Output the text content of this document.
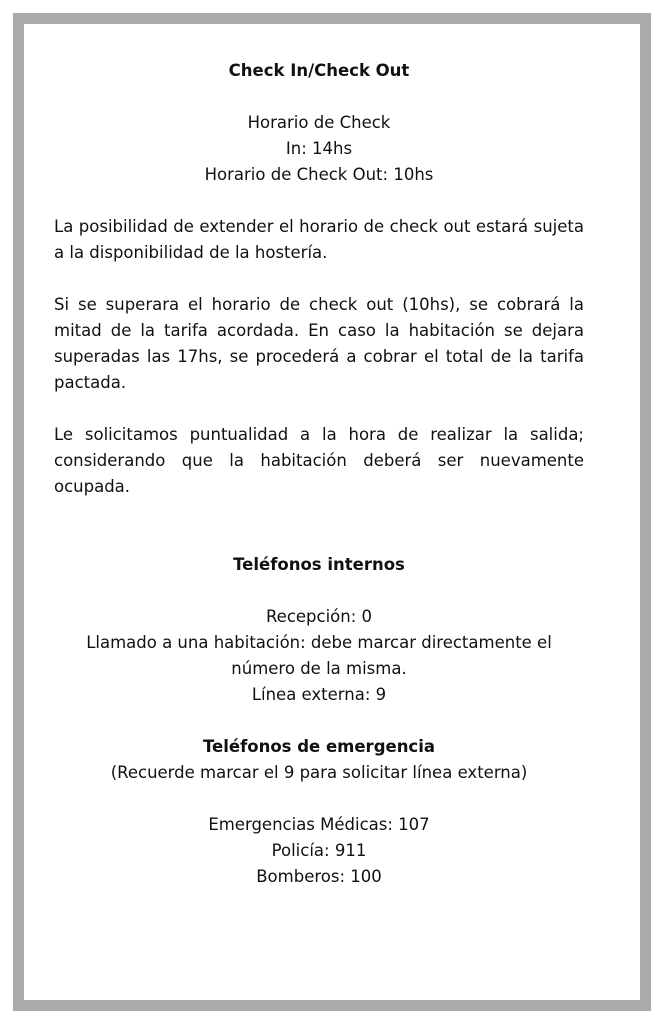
Check In/Check Out

Horario de Check

In: 14hs

Horario de Check Out: 10hs

La posibilidad de extender el horario de check out estará sujeta a la disponibilidad de la hostería.

Si se superara el horario de check out (10hs), se cobrará la mitad de la tarifa acordada. En caso la habitación se dejara superadas las 17hs, se procederá a cobrar el total de la tarifa pactada.

Le solicitamos puntualidad a la hora de realizar la salida; considerando que la habitación deberá ser nuevamente ocupada.

Teléfonos internos

Recepción: 0

Llamado a una habitación: debe marcar directamente el número de la misma.

Línea externa: 9

Teléfonos de emergencia

(Recuerde marcar el 9 para solicitar línea externa)

Emergencias Médicas: 107

Policía: 911

Bomberos: 100
